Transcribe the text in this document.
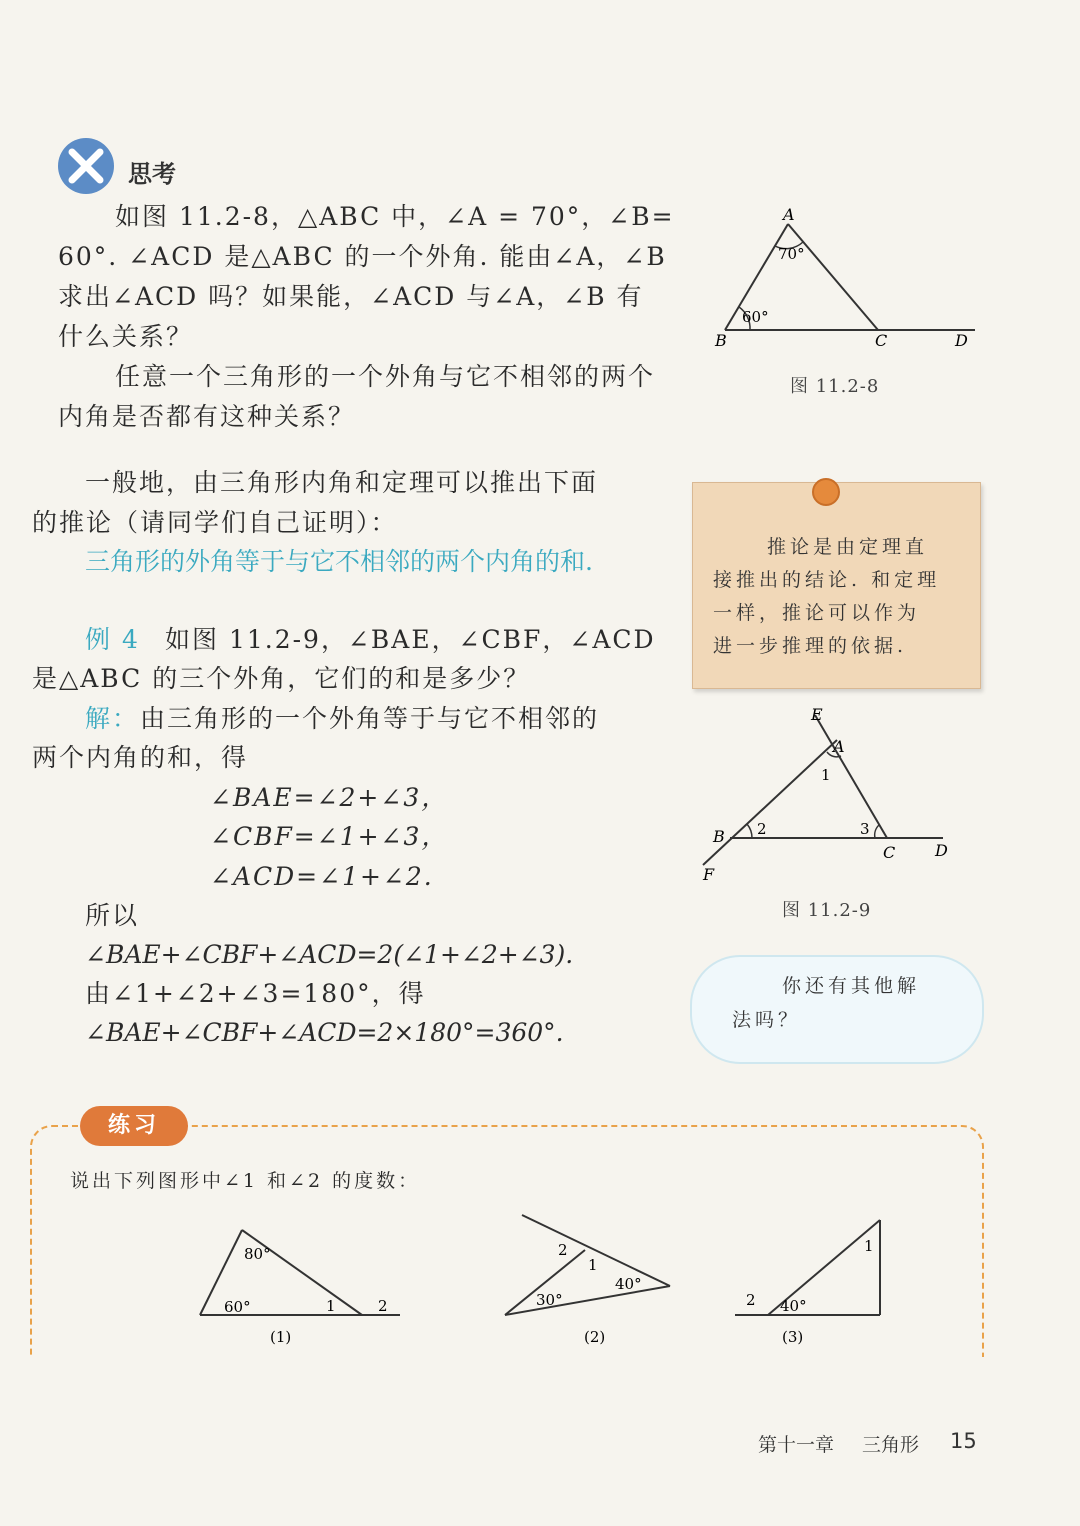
思考
如图 11.2-8，△ABC 中，∠A = 70°，∠B=
60°. ∠ACD 是△ABC 的一个外角. 能由∠A，∠B
求出∠ACD 吗？如果能，∠ACD 与∠A，∠B 有
什么关系？
任意一个三角形的一个外角与它不相邻的两个
内角是否都有这种关系？
A
B	C	D
70°
60°
图 11.2-8
一般地，由三角形内角和定理可以推出下面
的推论（请同学们自己证明）：
三角形的外角等于与它不相邻的两个内角的和.	推论是由定理直
接推出的结论. 和定理
一样，推论可以作为
进一步推理的依据.
例 4 如图 11.2-9，∠BAE，∠CBF，∠ACD
是△ABC 的三个外角，它们的和是多少？
解： 由三角形的一个外角等于与它不相邻的
两个内角的和，得
∠BAE=∠2+∠3，
∠CBF=∠1+∠3，
∠ACD=∠1+∠2.
所以
∠BAE+∠CBF+∠ACD=2(∠1+∠2+∠3).
由∠1+∠2+∠3=180°，得
∠BAE+∠CBF+∠ACD=2×180°=360°.
E
A
B
C D
F
1
2	3
图 11.2-9
你还有其他解
法吗？
练习
说出下列图形中∠1 和∠2 的度数：
80°
60°	1	2
(1)
2
1
40°
30°
(2)
1
2 40°
(3)
第十一章 三角形 15
